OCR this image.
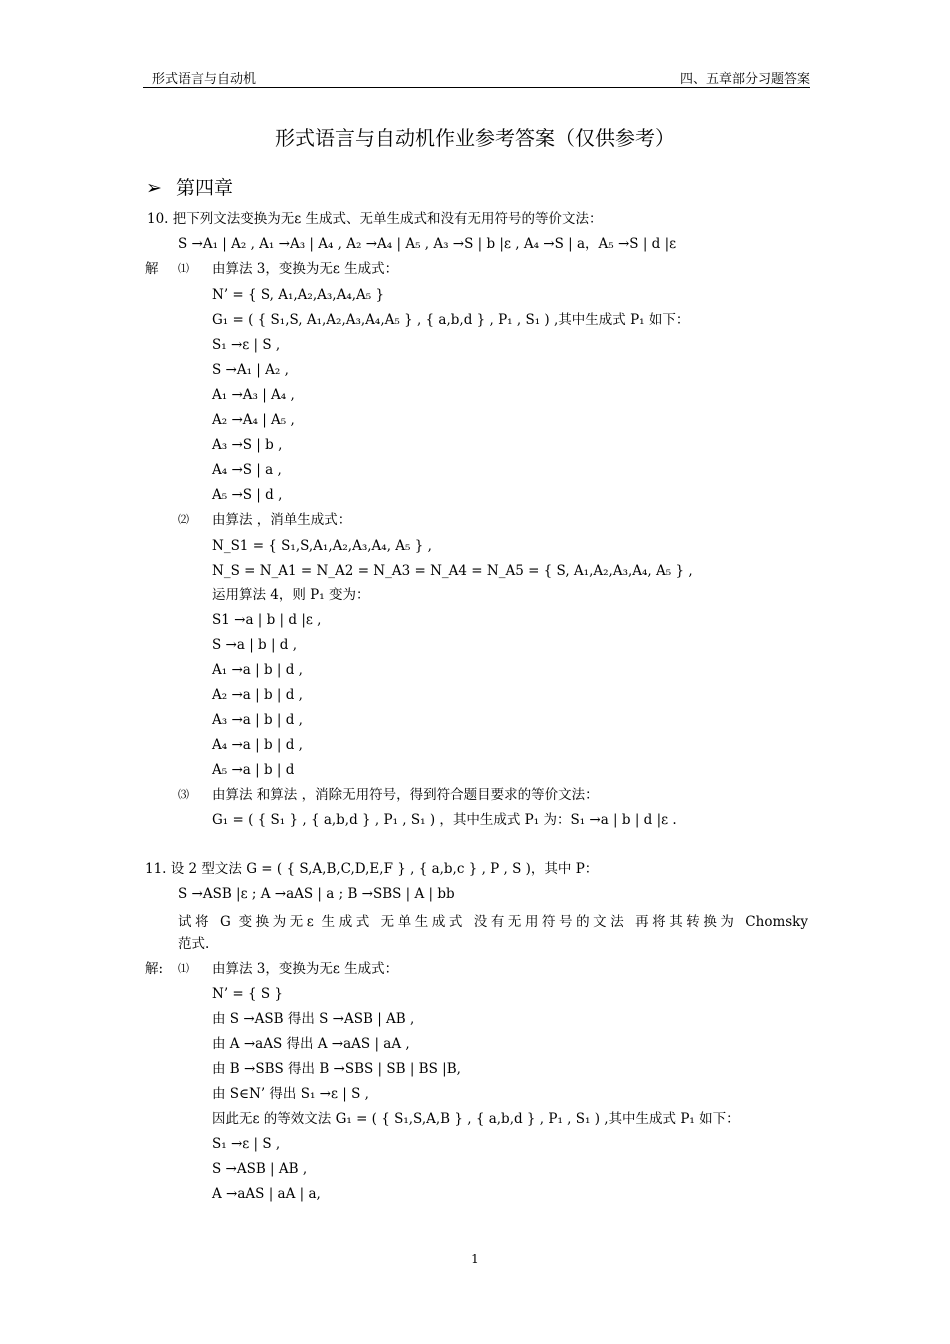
形式语言与自动机	四、五章部分习题答案
形式语言与自动机作业参考答案（仅供参考）
➢ 第四章
10. 把下列文法变换为无ε 生成式、无单生成式和没有无用符号的等价文法：
S →A₁ | A₂ , A₁ →A₃ | A₄ , A₂ →A₄ | A₅ , A₃ →S | b |ε , A₄ →S | a，A₅ →S | d |ε
解 ⑴ 由算法 3，变换为无ε 生成式：
N’ = { S, A₁,A₂,A₃,A₄,A₅ }
G₁ = ( { S₁,S, A₁,A₂,A₃,A₄,A₅ } , { a,b,d } , P₁ , S₁ ) ,其中生成式 P₁ 如下：
S₁ →ε | S ,
S →A₁ | A₂ ,
A₁ →A₃ | A₄ ,
A₂ →A₄ | A₅ ,
A₃ →S | b ,
A₄ →S | a ,
A₅ →S | d ,
⑵ 由算法 ，消单生成式：
N_S1 = { S₁,S,A₁,A₂,A₃,A₄, A₅ } ,
N_S = N_A1 = N_A2 = N_A3 = N_A4 = N_A5 = { S, A₁,A₂,A₃,A₄, A₅ } ,
运用算法 4，则 P₁ 变为：
S1 →a | b | d |ε ,
S →a | b | d ,
A₁ →a | b | d ,
A₂ →a | b | d ,
A₃ →a | b | d ,
A₄ →a | b | d ,
A₅ →a | b | d
⑶ 由算法 和算法 ，消除无用符号，得到符合题目要求的等价文法：
G₁ = ( { S₁ } , { a,b,d } , P₁ , S₁ ) ，其中生成式 P₁ 为：S₁ →a | b | d |ε .
11. 设 2 型文法 G = ( { S,A,B,C,D,E,F } , { a,b,c } , P , S )，其中 P：
S →ASB |ε ; A →aAS | a ; B →SBS | A | bb
范式.
解: ⑴ 由算法 3，变换为无ε 生成式：
N’ = { S }
由 S →ASB 得出 S →ASB | AB ,
由 A →aAS 得出 A →aAS | aA ,
由 B →SBS 得出 B →SBS | SB | BS |B,
由 S∈N’ 得出 S₁ →ε | S ,
因此无ε 的等效文法 G₁ = ( { S₁,S,A,B } , { a,b,d } , P₁ , S₁ ) ,其中生成式 P₁ 如下：
S₁ →ε | S ,
S →ASB | AB ,
A →aAS | aA | a,
试将 G 变换为无ε 生成式 无单生成式 没有无用符号的文法 再将其转换为 Chomsky
1
